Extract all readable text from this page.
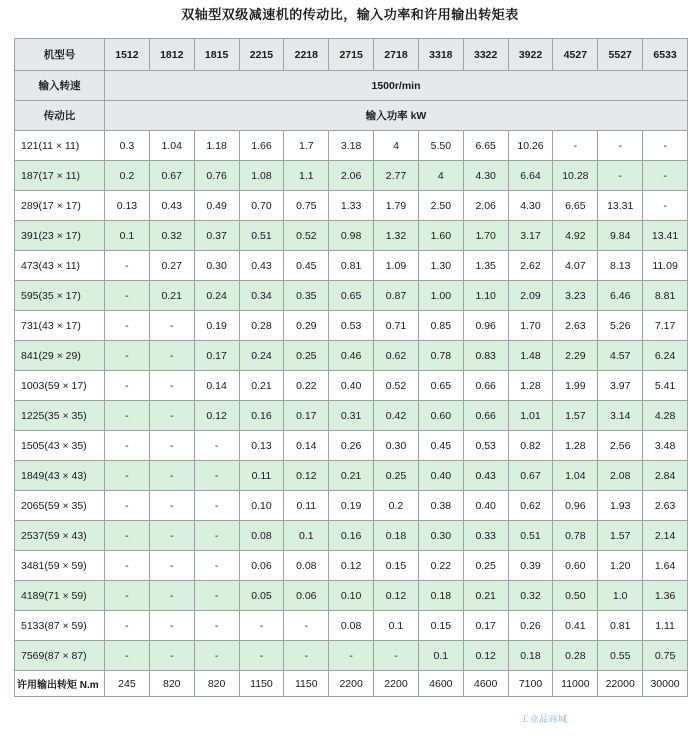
双轴型双级减速机的传动比，输入功率和许用输出转矩表
机型号	1512	1812	1815	2215	2218	2715	2718	3318	3322	3922	4527	5527	6533
输入转速	1500r/min												
传动比	输入功率 kW												
121(11 × 11)	0.3	1.04	1.18	1.66	1.7	3.18	4	5.50	6.65	10.26	-	-	-
187(17 × 11)	0.2	0.67	0.76	1.08	1.1	2.06	2.77	4	4.30	6.64	10.28	-	-
289(17 × 17)	0.13	0.43	0.49	0.70	0.75	1.33	1.79	2.50	2.06	4.30	6.65	13.31	-
391(23 × 17)	0.1	0.32	0.37	0.51	0.52	0.98	1.32	1.60	1.70	3.17	4.92	9.84	13.41
473(43 × 11)	-	0.27	0.30	0.43	0.45	0.81	1.09	1.30	1.35	2.62	4.07	8.13	11.09
595(35 × 17)	-	0.21	0.24	0.34	0.35	0.65	0.87	1.00	1.10	2.09	3.23	6.46	8.81
731(43 × 17)	-	-	0.19	0.28	0.29	0.53	0.71	0.85	0.96	1.70	2.63	5.26	7.17
841(29 × 29)	-	-	0.17	0.24	0.25	0.46	0.62	0.78	0.83	1.48	2.29	4.57	6.24
1003(59 × 17)	-	-	0.14	0.21	0.22	0.40	0.52	0.65	0.66	1.28	1.99	3.97	5.41
1225(35 × 35)	-	-	0.12	0.16	0.17	0.31	0.42	0.60	0.66	1.01	1.57	3.14	4.28
1505(43 × 35)	-	-	-	0.13	0.14	0.26	0.30	0.45	0.53	0.82	1.28	2.56	3.48
1849(43 × 43)	-	-	-	0.11	0.12	0.21	0.25	0.40	0.43	0.67	1.04	2.08	2.84
2065(59 × 35)	-	-	-	0.10	0.11	0.19	0.2	0.38	0.40	0.62	0.96	1.93	2.63
2537(59 × 43)	-	-	-	0.08	0.1	0.16	0.18	0.30	0.33	0.51	0.78	1.57	2.14
3481(59 × 59)	-	-	-	0.06	0.08	0.12	0.15	0.22	0.25	0.39	0.60	1.20	1.64
4189(71 × 59)	-	-	-	0.05	0.06	0.10	0.12	0.18	0.21	0.32	0.50	1.0	1.36
5133(87 × 59)	-	-	-	-	-	0.08	0.1	0.15	0.17	0.26	0.41	0.81	1.11
7569(87 × 87)	-	-	-	-	-	-	-	0.1	0.12	0.18	0.28	0.55	0.75
许用输出转矩 N.m	245	820	820	1150	1150	2200	2200	4600	4600	7100	11000	22000	30000
工业品商城
